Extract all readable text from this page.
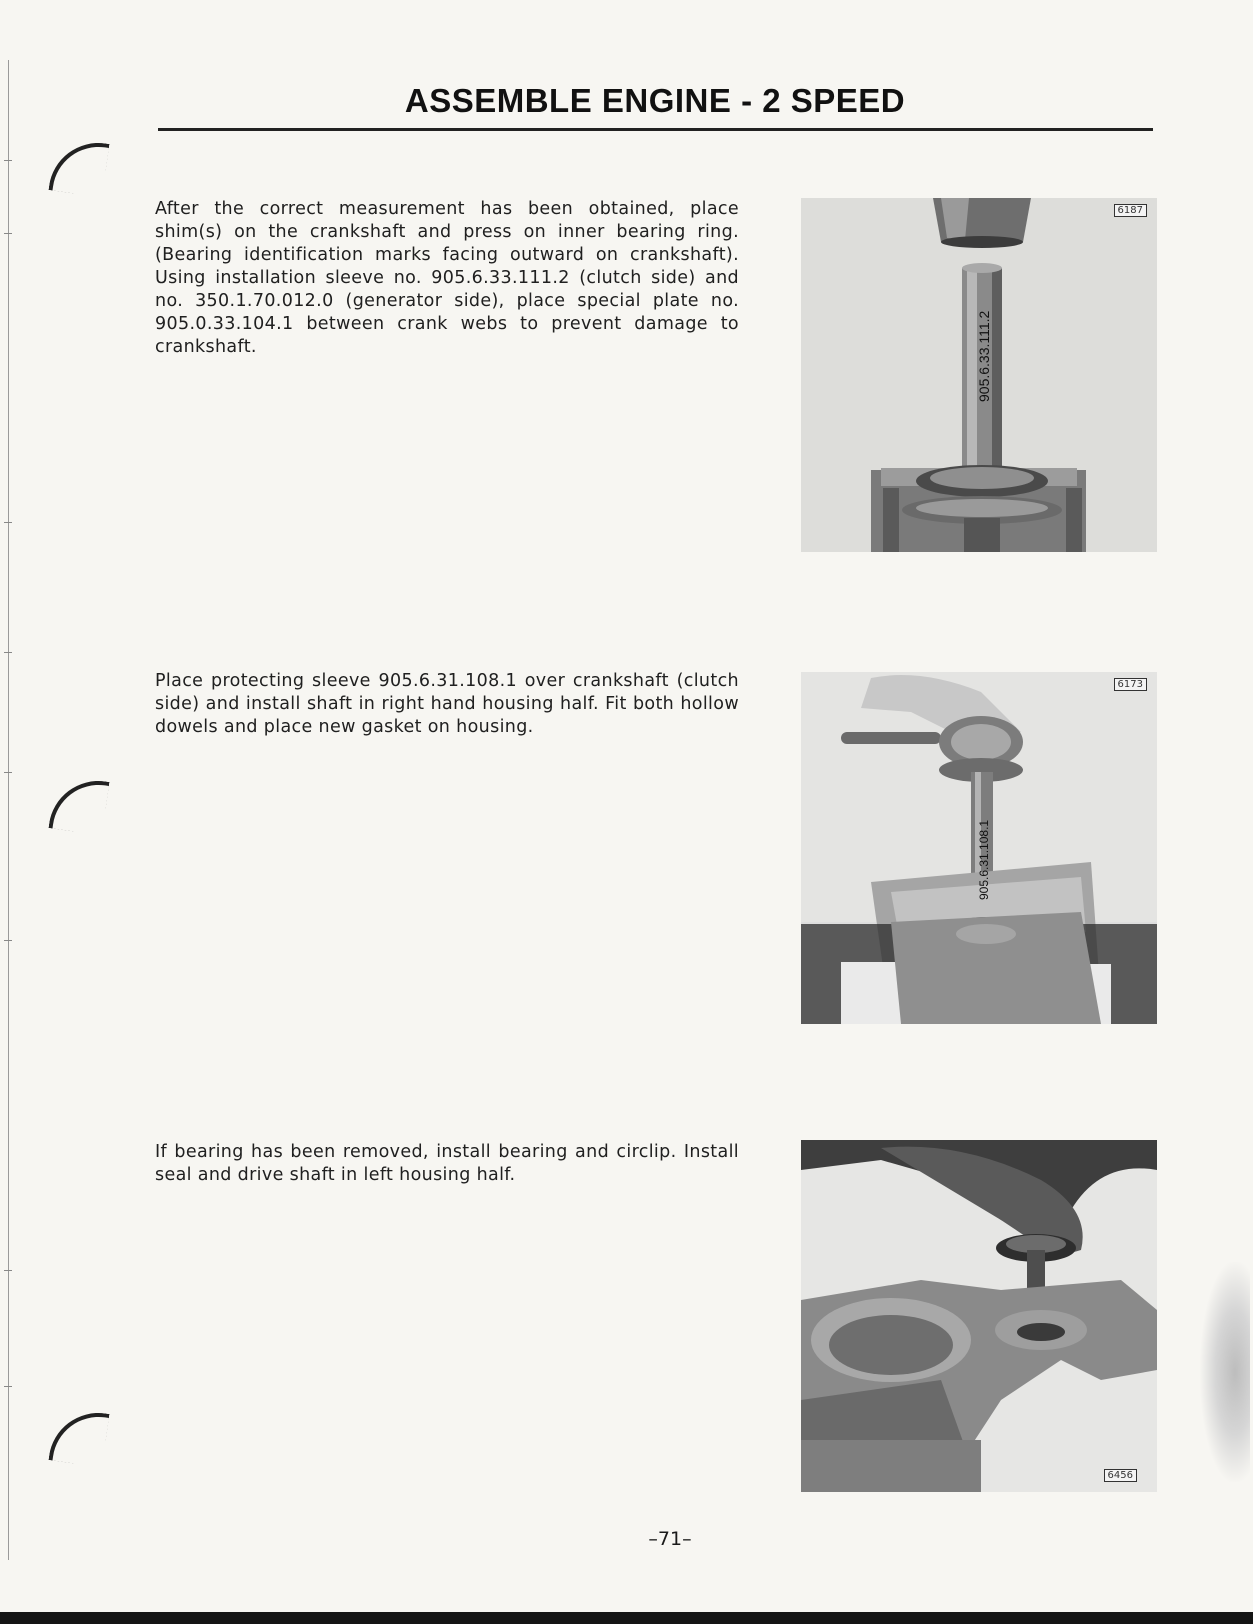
ASSEMBLE ENGINE - 2 SPEED
After the correct measurement has been obtained, place shim(s) on the crankshaft and press on inner bearing ring. (Bearing identification marks facing outward on crankshaft). Using installation sleeve no. 905.6.33.111.2 (clutch side) and no. 350.1.70.012.0 (generator side), place special plate no. 905.0.33.104.1 between crank webs to prevent damage to crankshaft.
6187
905.6.33.111.2
Place protecting sleeve 905.6.31.108.1 over crankshaft (clutch side) and install shaft in right hand housing half. Fit both hollow dowels and place new gasket on housing.
6173
905.6.31.108.1
If bearing has been removed, install bearing and circlip. Install seal and drive shaft in left housing half.
6456
–71–
